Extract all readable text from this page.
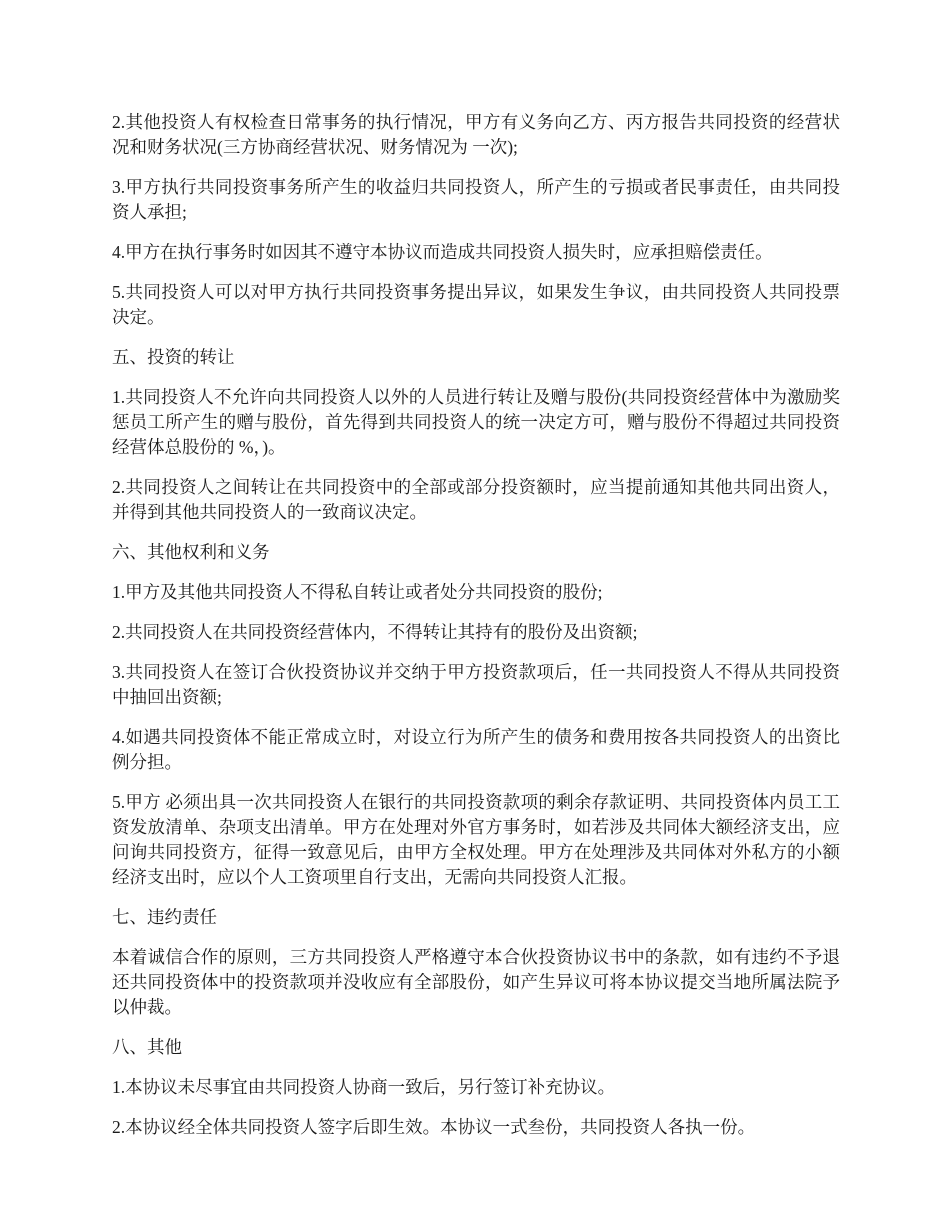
2.其他投资人有权检查日常事务的执行情况，甲方有义务向乙方、丙方报告共同投资的经营状况和财务状况(三方协商经营状况、财务情况为 一次);

3.甲方执行共同投资事务所产生的收益归共同投资人，所产生的亏损或者民事责任，由共同投资人承担;

4.甲方在执行事务时如因其不遵守本协议而造成共同投资人损失时，应承担赔偿责任。

5.共同投资人可以对甲方执行共同投资事务提出异议，如果发生争议，由共同投资人共同投票决定。

五、投资的转让

1.共同投资人不允许向共同投资人以外的人员进行转让及赠与股份(共同投资经营体中为激励奖惩员工所产生的赠与股份，首先得到共同投资人的统一决定方可，赠与股份不得超过共同投资经营体总股份的 %，)。

2.共同投资人之间转让在共同投资中的全部或部分投资额时，应当提前通知其他共同出资人，并得到其他共同投资人的一致商议决定。

六、其他权利和义务

1.甲方及其他共同投资人不得私自转让或者处分共同投资的股份;

2.共同投资人在共同投资经营体内，不得转让其持有的股份及出资额;

3.共同投资人在签订合伙投资协议并交纳于甲方投资款项后，任一共同投资人不得从共同投资中抽回出资额;

4.如遇共同投资体不能正常成立时，对设立行为所产生的债务和费用按各共同投资人的出资比例分担。

5.甲方 必须出具一次共同投资人在银行的共同投资款项的剩余存款证明、共同投资体内员工工资发放清单、杂项支出清单。甲方在处理对外官方事务时，如若涉及共同体大额经济支出，应问询共同投资方，征得一致意见后，由甲方全权处理。甲方在处理涉及共同体对外私方的小额经济支出时，应以个人工资项里自行支出，无需向共同投资人汇报。

七、违约责任

本着诚信合作的原则，三方共同投资人严格遵守本合伙投资协议书中的条款，如有违约不予退还共同投资体中的投资款项并没收应有全部股份，如产生异议可将本协议提交当地所属法院予以仲裁。

八、其他

1.本协议未尽事宜由共同投资人协商一致后，另行签订补充协议。

2.本协议经全体共同投资人签字后即生效。本协议一式叁份，共同投资人各执一份。
